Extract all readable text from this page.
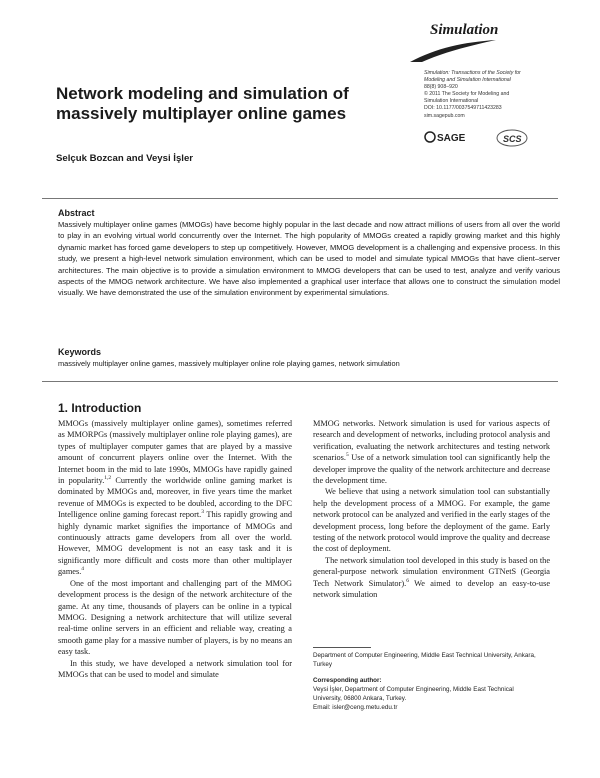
Simulation
Simulation: Transactions of the Society for
Modeling and Simulation International
88(8) 908–920
© 2011 The Society for Modeling and
Simulation International
DOI: 10.1177/0037549711423283
sim.sagepub.com
SAGE	SCS
Network modeling and simulation of massively multiplayer online games
Selçuk Bozcan and Veysi İşler
Abstract
Massively multiplayer online games (MMOGs) have become highly popular in the last decade and now attract millions of users from all over the world to play in an evolving virtual world concurrently over the Internet. The high popularity of MMOGs created a rapidly growing market and this highly dynamic market has forced game developers to step up competitively. However, MMOG development is a challenging and expensive process. In this study, we present a high-level network simulation environment, which can be used to model and simulate typical MMOGs that have client–server architectures. The main objective is to provide a simulation environment to MMOG developers that can be used to test, analyze and verify various aspects of the MMOG network architecture. We have also implemented a graphical user interface that allows one to construct the simulation model visually. We have demonstrated the use of the simulation environment by experimental simulations.
Keywords
massively multiplayer online games, massively multiplayer online role playing games, network simulation
1. Introduction

MMOGs (massively multiplayer online games), sometimes referred as MMORPGs (massively multiplayer online role playing games), are types of multiplayer computer games that are played by a massive amount of concurrent players online over the Internet. With the Internet boom in the mid to late 1990s, MMOGs have rapidly gained in popularity.$^{1,2}$ Currently the worldwide online gaming market is dominated by MMOGs and, moreover, in five years time the market revenue of MMOGs is expected to be doubled, according to the DFC Intelligence online gaming forecast report.$^3$ This rapidly growing and highly dynamic market signifies the importance of MMOGs and continuously attracts game developers from all over the world. However, MMOG development is not an easy task and it is significantly more difficult and costs more than other multiplayer games.$^4$

One of the most important and challenging part of the MMOG development process is the design of the network architecture of the game. At any time, thousands of players can be online in a typical MMOG. Designing a network architecture that will utilize several real-time online servers in an efficient and reliable way, creating a smooth game play for a massive number of players, is by no means an easy task.

In this study, we have developed a network simulation tool for MMOGs that can be used to model and simulate

MMOG networks. Network simulation is used for various aspects of research and development of networks, including protocol analysis and verification, evaluating the network architectures and testing network scenarios.$^5$ Use of a network simulation tool can significantly help the developer improve the quality of the network architecture and decrease the development time.

We believe that using a network simulation tool can substantially help the development process of a MMOG. For example, the game network protocol can be analyzed and verified in the early stages of the development process, long before the deployment of the game. Early testing of the network protocol would improve the quality and decrease the cost of deployment.

The network simulation tool developed in this study is based on the general-purpose network simulation environment GTNetS (Georgia Tech Network Simulator).$^6$ We aimed to develop an easy-to-use network simulation

Department of Computer Engineering, Middle East Technical University, Ankara, Turkey
Corresponding author:
Veysi İşler, Department of Computer Engineering, Middle East Technical
University, 06800 Ankara, Turkey.
Email: isler@ceng.metu.edu.tr
